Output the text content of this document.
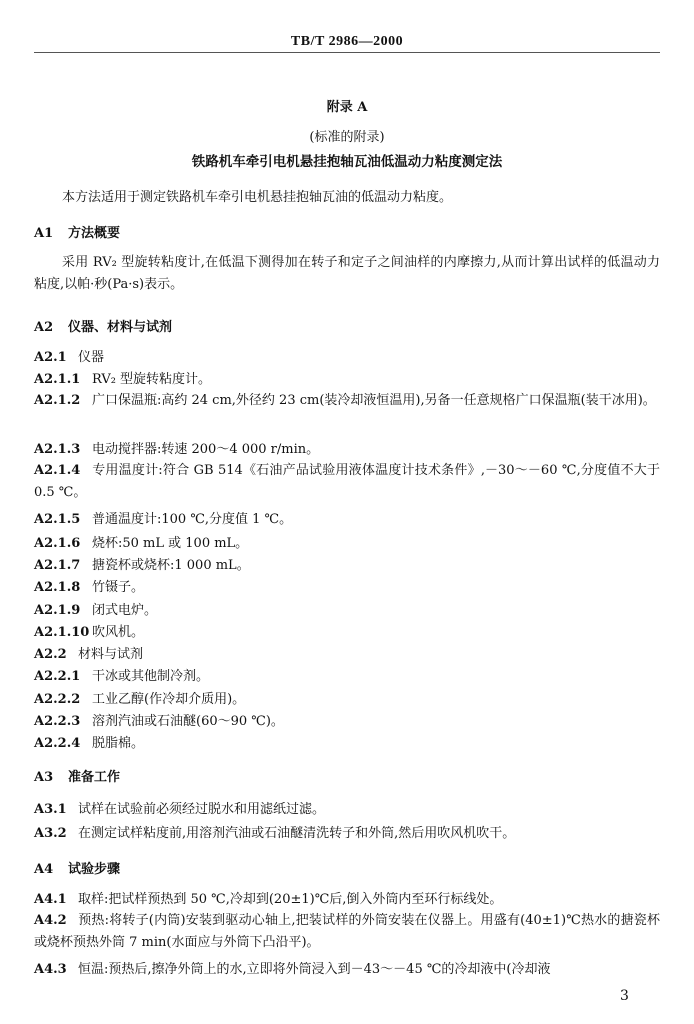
TB/T 2986—2000
附录 A
(标准的附录)
铁路机车牵引电机悬挂抱轴瓦油低温动力粘度测定法
本方法适用于测定铁路机车牵引电机悬挂抱轴瓦油的低温动力粘度。
A1 方法概要
采用 RV₂ 型旋转粘度计,在低温下测得加在转子和定子之间油样的内摩擦力,从而计算出试样的低温动力粘度,以帕·秒(Pa·s)表示。
A2 仪器、材料与试剂
A2.1 仪器
A2.1.1 RV₂ 型旋转粘度计。
A2.1.2 广口保温瓶:高约 24 cm,外径约 23 cm(装冷却液恒温用),另备一任意规格广口保温瓶(装干冰用)。
A2.1.3 电动搅拌器:转速 200～4 000 r/min。
A2.1.4 专用温度计:符合 GB 514《石油产品试验用液体温度计技术条件》,－30～－60 ℃,分度值不大于 0.5 ℃。
A2.1.5 普通温度计:100 ℃,分度值 1 ℃。
A2.1.6 烧杯:50 mL 或 100 mL。
A2.1.7 搪瓷杯或烧杯:1 000 mL。
A2.1.8 竹镊子。
A2.1.9 闭式电炉。
A2.1.10 吹风机。
A2.2 材料与试剂
A2.2.1 干冰或其他制冷剂。
A2.2.2 工业乙醇(作冷却介质用)。
A2.2.3 溶剂汽油或石油醚(60～90 ℃)。
A2.2.4 脱脂棉。
A3 准备工作
A3.1 试样在试验前必须经过脱水和用滤纸过滤。
A3.2 在测定试样粘度前,用溶剂汽油或石油醚清洗转子和外筒,然后用吹风机吹干。
A4 试验步骤
A4.1 取样:把试样预热到 50 ℃,冷却到(20±1)℃后,倒入外筒内至环行标线处。
A4.2 预热:将转子(内筒)安装到驱动心轴上,把装试样的外筒安装在仪器上。用盛有(40±1)℃热水的搪瓷杯或烧杯预热外筒 7 min(水面应与外筒下凸沿平)。
A4.3 恒温:预热后,擦净外筒上的水,立即将外筒浸入到－43～－45 ℃的冷却液中(冷却液
3
